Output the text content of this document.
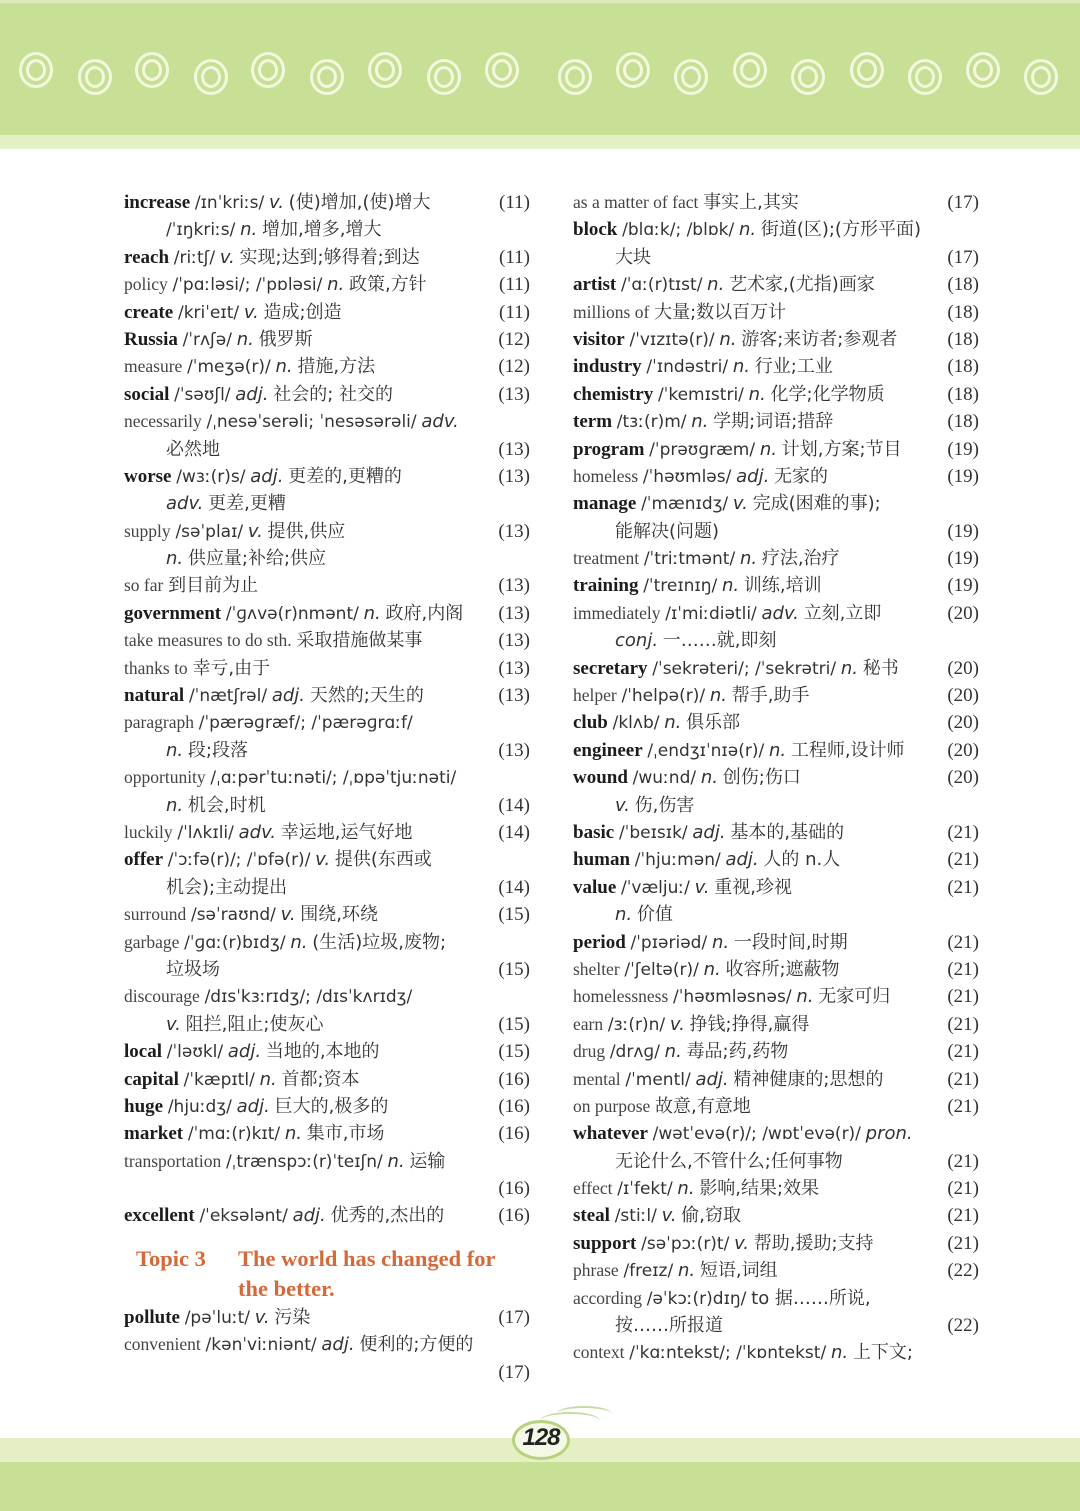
increase /ɪnˈkriːs/ v. (使)增加,(使)增大	(11)
/ˈɪŋkriːs/ n. 增加,增多,增大
reach /riːtʃ/ v. 实现;达到;够得着;到达	(11)
policy /ˈpɑːləsi/; /ˈpɒləsi/ n. 政策,方针	(11)
create /kriˈeɪt/ v. 造成;创造	(11)
Russia /ˈrʌʃə/ n. 俄罗斯	(12)
measure /ˈmeʒə(r)/ n. 措施,方法	(12)
social /ˈsəʊʃl/ adj. 社会的; 社交的	(13)
necessarily /ˌnesəˈserəli; ˈnesəsərəli/ adv.
必然地	(13)
worse /wɜː(r)s/ adj. 更差的,更糟的	(13)
adv. 更差,更糟
supply /səˈplaɪ/ v. 提供,供应	(13)
n. 供应量;补给;供应
so far 到目前为止	(13)
government /ˈɡʌvə(r)nmənt/ n. 政府,内阁 (13)
take measures to do sth. 采取措施做某事	(13)
thanks to 幸亏,由于	(13)
natural /ˈnætʃrəl/ adj. 天然的;天生的	(13)
paragraph /ˈpærəɡræf/; /ˈpærəɡrɑːf/
n. 段;段落	(13)
opportunity /ˌɑːpərˈtuːnəti/; /ˌɒpəˈtjuːnəti/
n. 机会,时机	(14)
luckily /ˈlʌkɪli/ adv. 幸运地,运气好地	(14)
offer /ˈɔːfə(r)/; /ˈɒfə(r)/ v. 提供(东西或
机会);主动提出	(14)
surround /səˈraʊnd/ v. 围绕,环绕	(15)
garbage /ˈɡɑː(r)bɪdʒ/ n. (生活)垃圾,废物;
垃圾场	(15)
discourage /dɪsˈkɜːrɪdʒ/; /dɪsˈkʌrɪdʒ/
v. 阻拦,阻止;使灰心	(15)
local /ˈləʊkl/ adj. 当地的,本地的	(15)
capital /ˈkæpɪtl/ n. 首都;资本	(16)
huge /hjuːdʒ/ adj. 巨大的,极多的	(16)
market /ˈmɑː(r)kɪt/ n. 集市,市场	(16)
transportation /ˌtrænspɔː(r)ˈteɪʃn/ n. 运输
(16)
excellent /ˈeksələnt/ adj. 优秀的,杰出的	(16)
Topic 3 The world has changed for the better.
pollute /pəˈluːt/ v. 污染	(17)
convenient /kənˈviːniənt/ adj. 便利的;方便的
(17)
as a matter of fact 事实上,其实	(17)
block /blɑːk/; /blɒk/ n. 街道(区);(方形平面)
大块	(17)
artist /ˈɑː(r)tɪst/ n. 艺术家,(尤指)画家	(18)
millions of 大量;数以百万计	(18)
visitor /ˈvɪzɪtə(r)/ n. 游客;来访者;参观者	(18)
industry /ˈɪndəstri/ n. 行业;工业	(18)
chemistry /ˈkemɪstri/ n. 化学;化学物质	(18)
term /tɜː(r)m/ n. 学期;词语;措辞	(18)
program /ˈprəʊɡræm/ n. 计划,方案;节目 (19)
homeless /ˈhəʊmləs/ adj. 无家的	(19)
manage /ˈmænɪdʒ/ v. 完成(困难的事);
能解决(问题)	(19)
treatment /ˈtriːtmənt/ n. 疗法,治疗	(19)
training /ˈtreɪnɪŋ/ n. 训练,培训	(19)
immediately /ɪˈmiːdiətli/ adv. 立刻,立即	(20)
conj. 一……就,即刻
secretary /ˈsekrəteri/; /ˈsekrətri/ n. 秘书	(20)
helper /ˈhelpə(r)/ n. 帮手,助手	(20)
club /klʌb/ n. 俱乐部	(20)
engineer /ˌendʒɪˈnɪə(r)/ n. 工程师,设计师 (20)
wound /wuːnd/ n. 创伤;伤口	(20)
v. 伤,伤害
basic /ˈbeɪsɪk/ adj. 基本的,基础的	(21)
human /ˈhjuːmən/ adj. 人的 n.人	(21)
value /ˈvæljuː/ v. 重视,珍视	(21)
n. 价值
period /ˈpɪəriəd/ n. 一段时间,时期	(21)
shelter /ˈʃeltə(r)/ n. 收容所;遮蔽物	(21)
homelessness /ˈhəʊmləsnəs/ n. 无家可归	(21)
earn /ɜː(r)n/ v. 挣钱;挣得,赢得	(21)
drug /drʌɡ/ n. 毒品;药,药物	(21)
mental /ˈmentl/ adj. 精神健康的;思想的	(21)
on purpose 故意,有意地	(21)
whatever /wətˈevə(r)/; /wɒtˈevə(r)/ pron.
无论什么,不管什么;任何事物	(21)
effect /ɪˈfekt/ n. 影响,结果;效果	(21)
steal /stiːl/ v. 偷,窃取	(21)
support /səˈpɔː(r)t/ v. 帮助,援助;支持	(21)
phrase /freɪz/ n. 短语,词组	(22)
according /əˈkɔː(r)dɪŋ/ to 据……所说,
按……所报道	(22)
context /ˈkɑːntekst/; /ˈkɒntekst/ n. 上下文;
128
